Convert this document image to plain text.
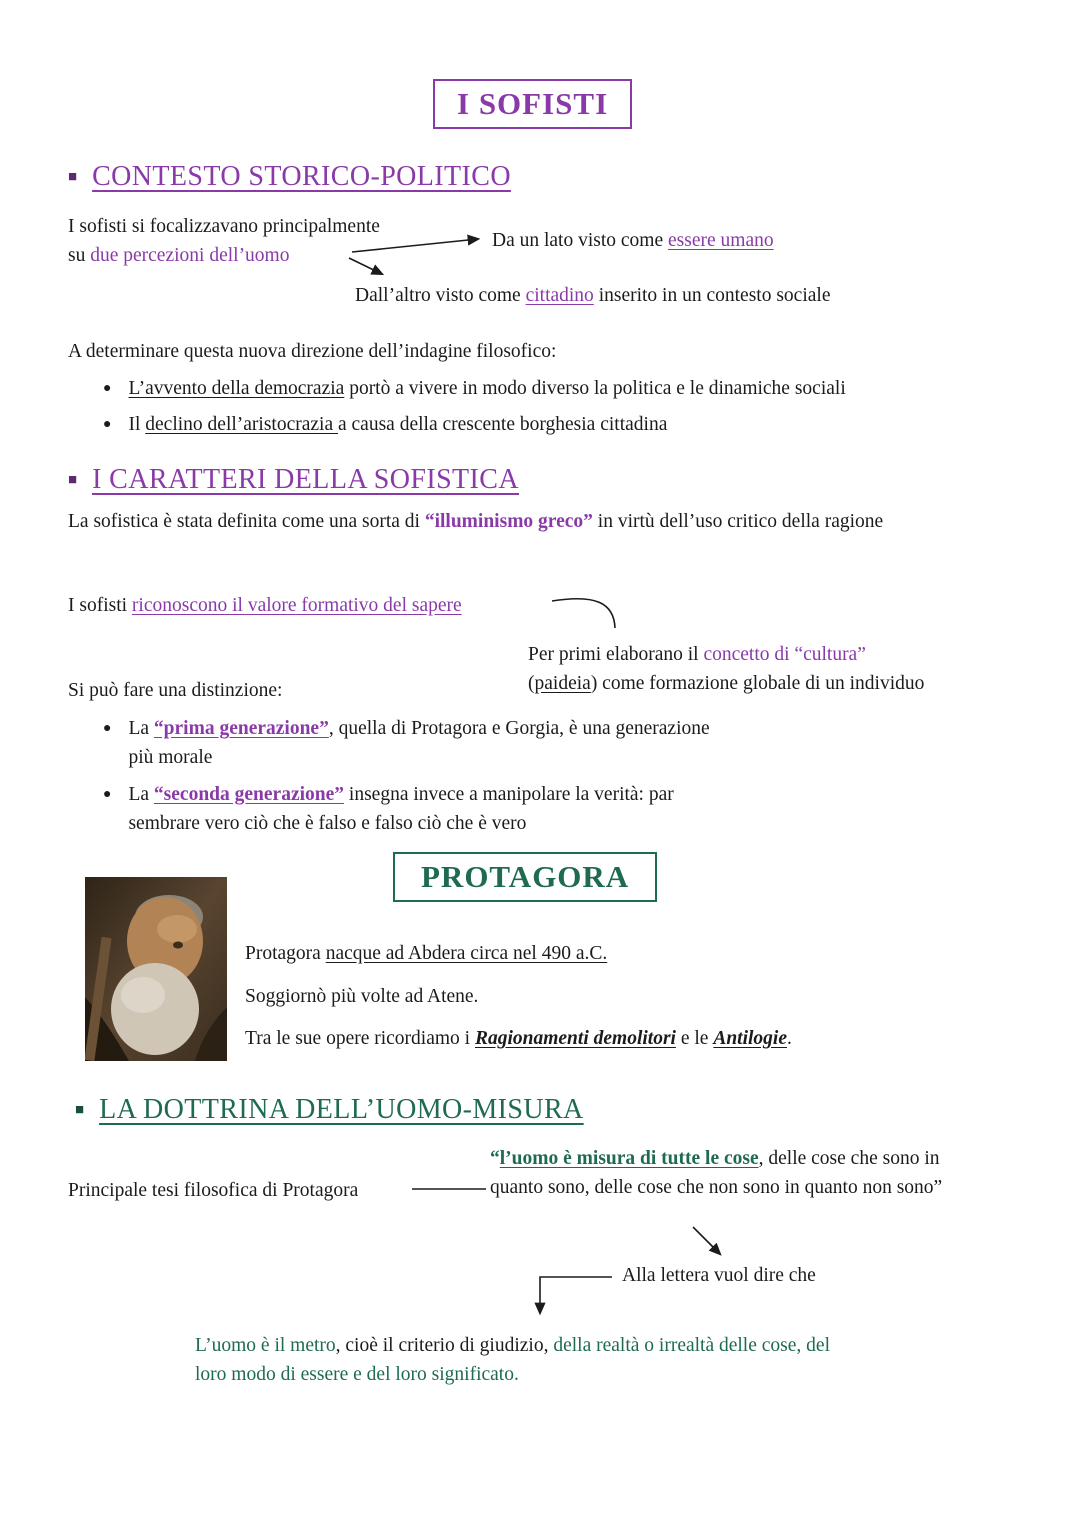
I SOFISTI
■ CONTESTO STORICO-POLITICO
I sofisti si focalizzavano principalmente
su due percezioni dell’uomo
Da un lato visto come essere umano
Dall’altro visto come cittadino inserito in un contesto sociale
A determinare questa nuova direzione dell’indagine filosofico:
● L’avvento della democrazia portò a vivere in modo diverso la politica e le dinamiche sociali
● Il declino dell’aristocrazia a causa della crescente borghesia cittadina
■ I CARATTERI DELLA SOFISTICA
La sofistica è stata definita come una sorta di “illuminismo greco” in virtù dell’uso critico della ragione
I sofisti riconoscono il valore formativo del sapere
Per primi elaborano il concetto di “cultura”
(paideia) come formazione globale di un individuo
Si può fare una distinzione:
● La “prima generazione”, quella di Protagora e Gorgia, è una generazione più morale
● La “seconda generazione” insegna invece a manipolare la verità: par sembrare vero ciò che è falso e falso ciò che è vero
PROTAGORA
Protagora nacque ad Abdera circa nel 490 a.C.
Soggiornò più volte ad Atene.
Tra le sue opere ricordiamo i Ragionamenti demolitori e le Antilogie.
■ LA DOTTRINA DELL’UOMO-MISURA
“l’uomo è misura di tutte le cose, delle cose che sono in quanto sono, delle cose che non sono in quanto non sono”
Principale tesi filosofica di Protagora
Alla lettera vuol dire che
L’uomo è il metro, cioè il criterio di giudizio, della realtà o irrealtà delle cose, del loro modo di essere e del loro significato.
